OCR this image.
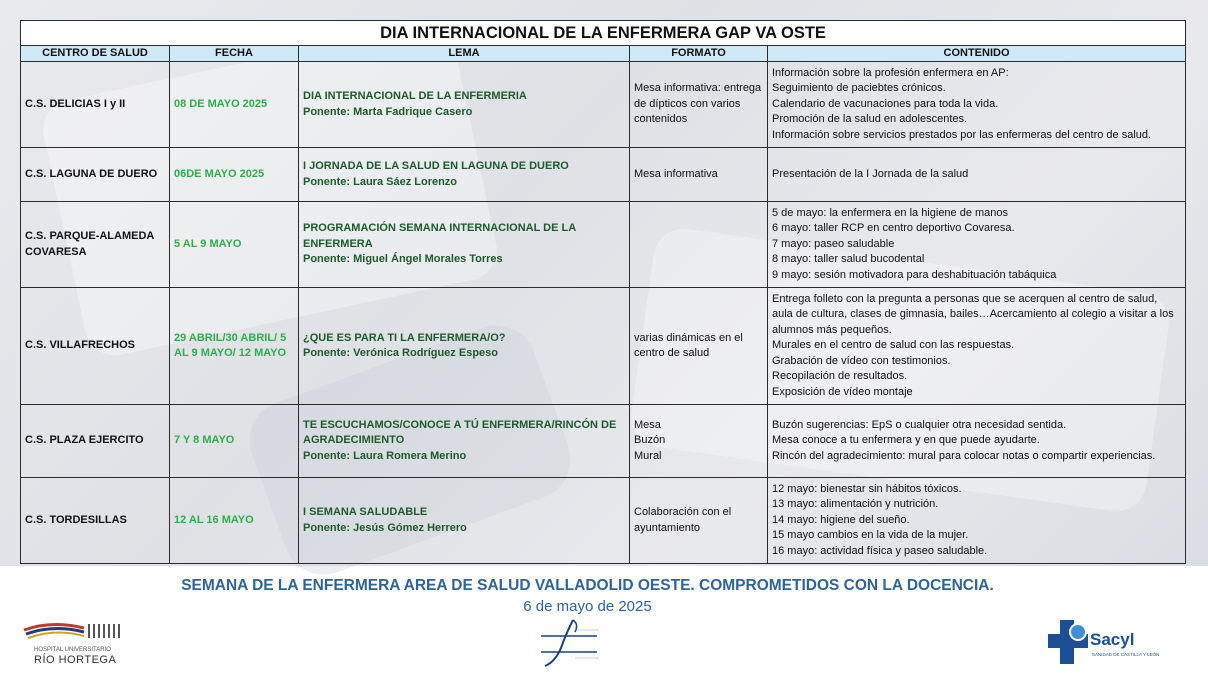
DIA INTERNACIONAL DE LA ENFERMERA GAP VA OSTE				
CENTRO DE SALUD	FECHA	LEMA	FORMATO	CONTENIDO
C.S. DELICIAS I y II	08 DE MAYO 2025	DIA INTERNACIONAL DE LA ENFERMERIA
Ponente: Marta Fadrique Casero	Mesa informativa: entrega de dípticos con varios contenidos	Información sobre la profesión enfermera en AP:
Seguimiento de paciebtes crónicos.
Calendario de vacunaciones para toda la vida.
Promoción de la salud en adolescentes.
Información sobre servicios prestados por las enfermeras del centro de salud.

C.S. LAGUNA DE DUERO	06DE MAYO 2025	I JORNADA DE LA SALUD EN LAGUNA DE DUERO
Ponente: Laura Sáez Lorenzo	Mesa informativa	Presentación de la I Jornada de la salud

C.S. PARQUE-ALAMEDA COVARESA	5 AL 9 MAYO	PROGRAMACIÓN SEMANA INTERNACIONAL DE LA ENFERMERA
Ponente: Miguel Ángel Morales Torres		5 de mayo: la enfermera en la higiene de manos
6 mayo: taller RCP en centro deportivo Covaresa.
7 mayo: paseo saludable
8 mayo: taller salud bucodental
9 mayo: sesión motivadora para deshabituación tabáquica

C.S. VILLAFRECHOS	29 ABRIL/30 ABRIL/ 5 AL 9 MAYO/ 12 MAYO	¿QUE ES PARA TI LA ENFERMERA/O?
Ponente: Verónica Rodríguez Espeso	varias dinámicas en el centro de salud	Entrega folleto con la pregunta a personas que se acerquen al centro de salud, aula de cultura, clases de gimnasia, bailes…Acercamiento al colegio a visitar a los alumnos más pequeños.
Murales en el centro de salud con las respuestas.
Grabación de vídeo con testimonios.
Recopilación de resultados.
Exposición de vídeo montaje

C.S. PLAZA EJERCITO	7 Y 8 MAYO	TE ESCUCHAMOS/CONOCE A TÚ ENFERMERA/RINCÓN DE AGRADECIMIENTO
Ponente: Laura Romera Merino	Mesa
Buzón
Mural	Buzón sugerencias: EpS o cualquier otra necesidad sentida.
Mesa conoce a tu enfermera y en que puede ayudarte.
Rincón del agradecimiento: mural para colocar notas o compartir experiencias.

C.S. TORDESILLAS	12 AL 16 MAYO	I SEMANA SALUDABLE
Ponente: Jesús Gómez Herrero	Colaboración con el ayuntamiento	12 mayo: bienestar sin hábitos tóxicos.
13 mayo: alimentación y nutrición.
14 mayo: higiene del sueño.
15 mayo cambios en la vida de la mujer.
16 mayo: actividad física y paseo saludable.
SEMANA DE LA ENFERMERA AREA DE SALUD VALLADOLID OESTE. COMPROMETIDOS CON LA DOCENCIA.
6 de mayo de 2025
HOSPITAL UNIVERSITARIO
RÍO HORTEGA
Sacyl
SANIDAD DE CASTILLA Y LEÓN
